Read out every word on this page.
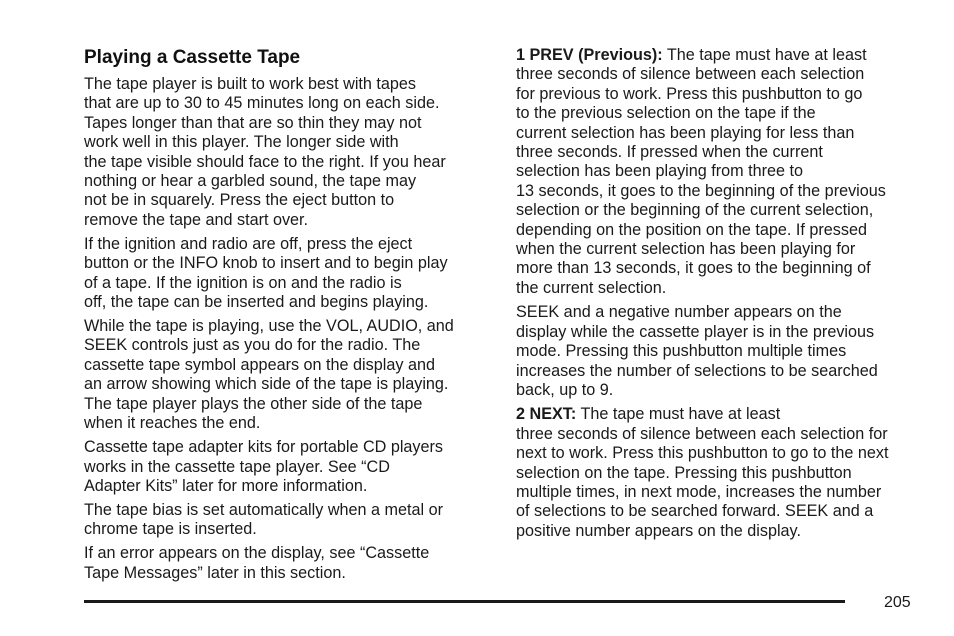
Playing a Cassette Tape

The tape player is built to work best with tapes
that are up to 30 to 45 minutes long on each side.
Tapes longer than that are so thin they may not
work well in this player. The longer side with
the tape visible should face to the right. If you hear
nothing or hear a garbled sound, the tape may
not be in squarely. Press the eject button to
remove the tape and start over.

If the ignition and radio are off, press the eject
button or the INFO knob to insert and to begin play
of a tape. If the ignition is on and the radio is
off, the tape can be inserted and begins playing.

While the tape is playing, use the VOL, AUDIO, and
SEEK controls just as you do for the radio. The
cassette tape symbol appears on the display and
an arrow showing which side of the tape is playing.
The tape player plays the other side of the tape
when it reaches the end.

Cassette tape adapter kits for portable CD players
works in the cassette tape player. See “CD
Adapter Kits” later for more information.

The tape bias is set automatically when a metal or
chrome tape is inserted.

If an error appears on the display, see “Cassette
Tape Messages” later in this section.

1 PREV (Previous): The tape must have at least
three seconds of silence between each selection
for previous to work. Press this pushbutton to go
to the previous selection on the tape if the
current selection has been playing for less than
three seconds. If pressed when the current
selection has been playing from three to
13 seconds, it goes to the beginning of the previous
selection or the beginning of the current selection,
depending on the position on the tape. If pressed
when the current selection has been playing for
more than 13 seconds, it goes to the beginning of
the current selection.

SEEK and a negative number appears on the
display while the cassette player is in the previous
mode. Pressing this pushbutton multiple times
increases the number of selections to be searched
back, up to 9.

2 NEXT: The tape must have at least
three seconds of silence between each selection for
next to work. Press this pushbutton to go to the next
selection on the tape. Pressing this pushbutton
multiple times, in next mode, increases the number
of selections to be searched forward. SEEK and a
positive number appears on the display.

205
